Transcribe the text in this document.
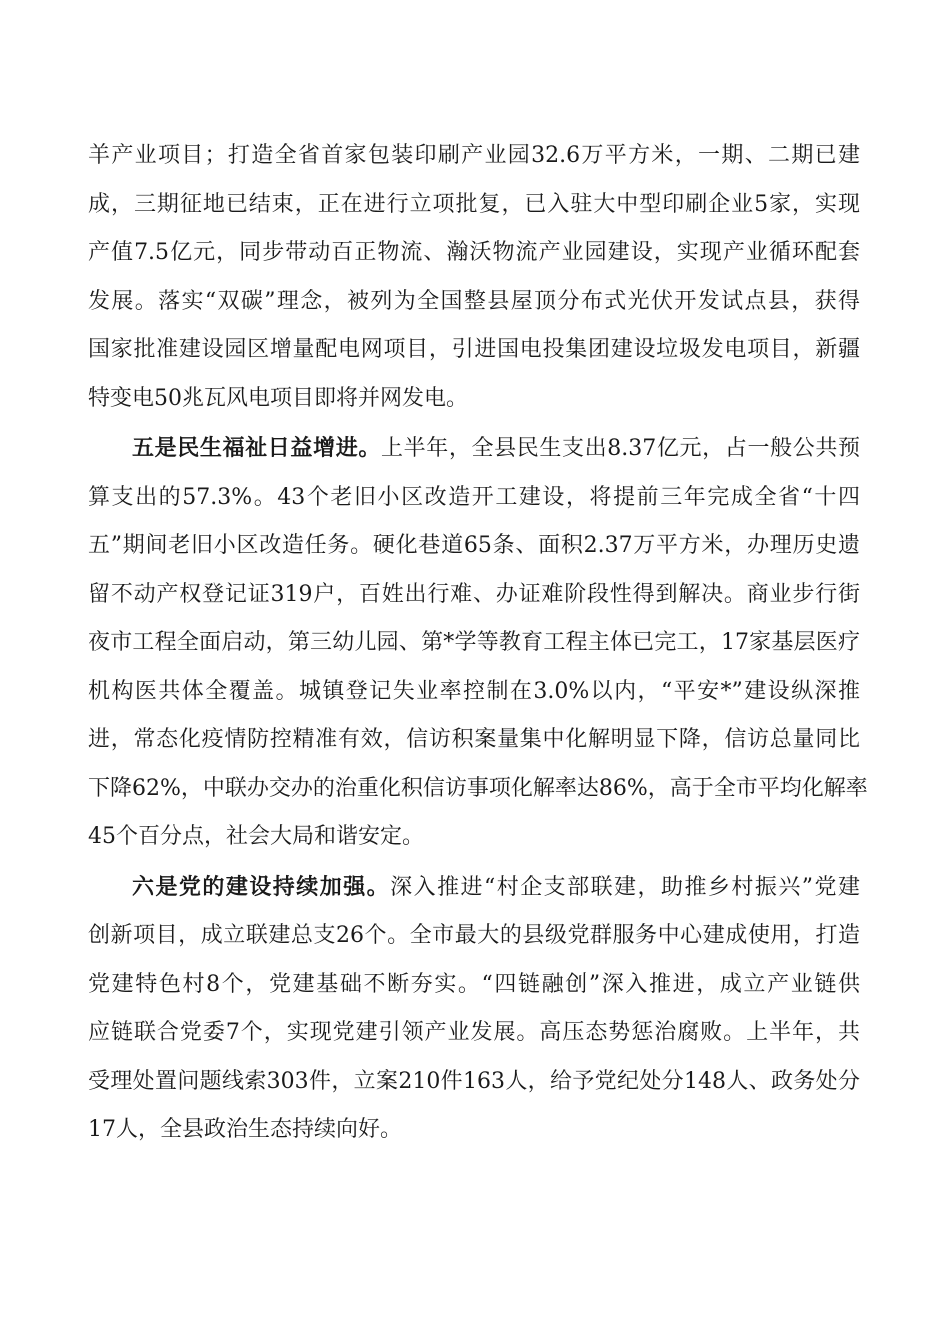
羊产业项目；打造全省首家包装印刷产业园32.6万平方米，一期、二期已建
成，三期征地已结束，正在进行立项批复，已入驻大中型印刷企业5家，实现
产值7.5亿元，同步带动百正物流、瀚沃物流产业园建设，实现产业循环配套
发展。落实“双碳”理念，被列为全国整县屋顶分布式光伏开发试点县，获得
国家批准建设园区增量配电网项目，引进国电投集团建设垃圾发电项目，新疆
特变电50兆瓦风电项目即将并网发电。
五是民生福祉日益增进。上半年，全县民生支出8.37亿元，占一般公共预
算支出的57.3%。43个老旧小区改造开工建设，将提前三年完成全省“十四
五”期间老旧小区改造任务。硬化巷道65条、面积2.37万平方米，办理历史遗
留不动产权登记证319户，百姓出行难、办证难阶段性得到解决。商业步行街
夜市工程全面启动，第三幼儿园、第*学等教育工程主体已完工，17家基层医疗
机构医共体全覆盖。城镇登记失业率控制在3.0%以内，“平安*”建设纵深推
进，常态化疫情防控精准有效，信访积案量集中化解明显下降，信访总量同比
下降62%，中联办交办的治重化积信访事项化解率达86%，高于全市平均化解率
45个百分点，社会大局和谐安定。
六是党的建设持续加强。深入推进“村企支部联建，助推乡村振兴”党建
创新项目，成立联建总支26个。全市最大的县级党群服务中心建成使用，打造
党建特色村8个，党建基础不断夯实。“四链融创”深入推进，成立产业链供
应链联合党委7个，实现党建引领产业发展。高压态势惩治腐败。上半年，共
受理处置问题线索303件，立案210件163人，给予党纪处分148人、政务处分
17人，全县政治生态持续向好。
